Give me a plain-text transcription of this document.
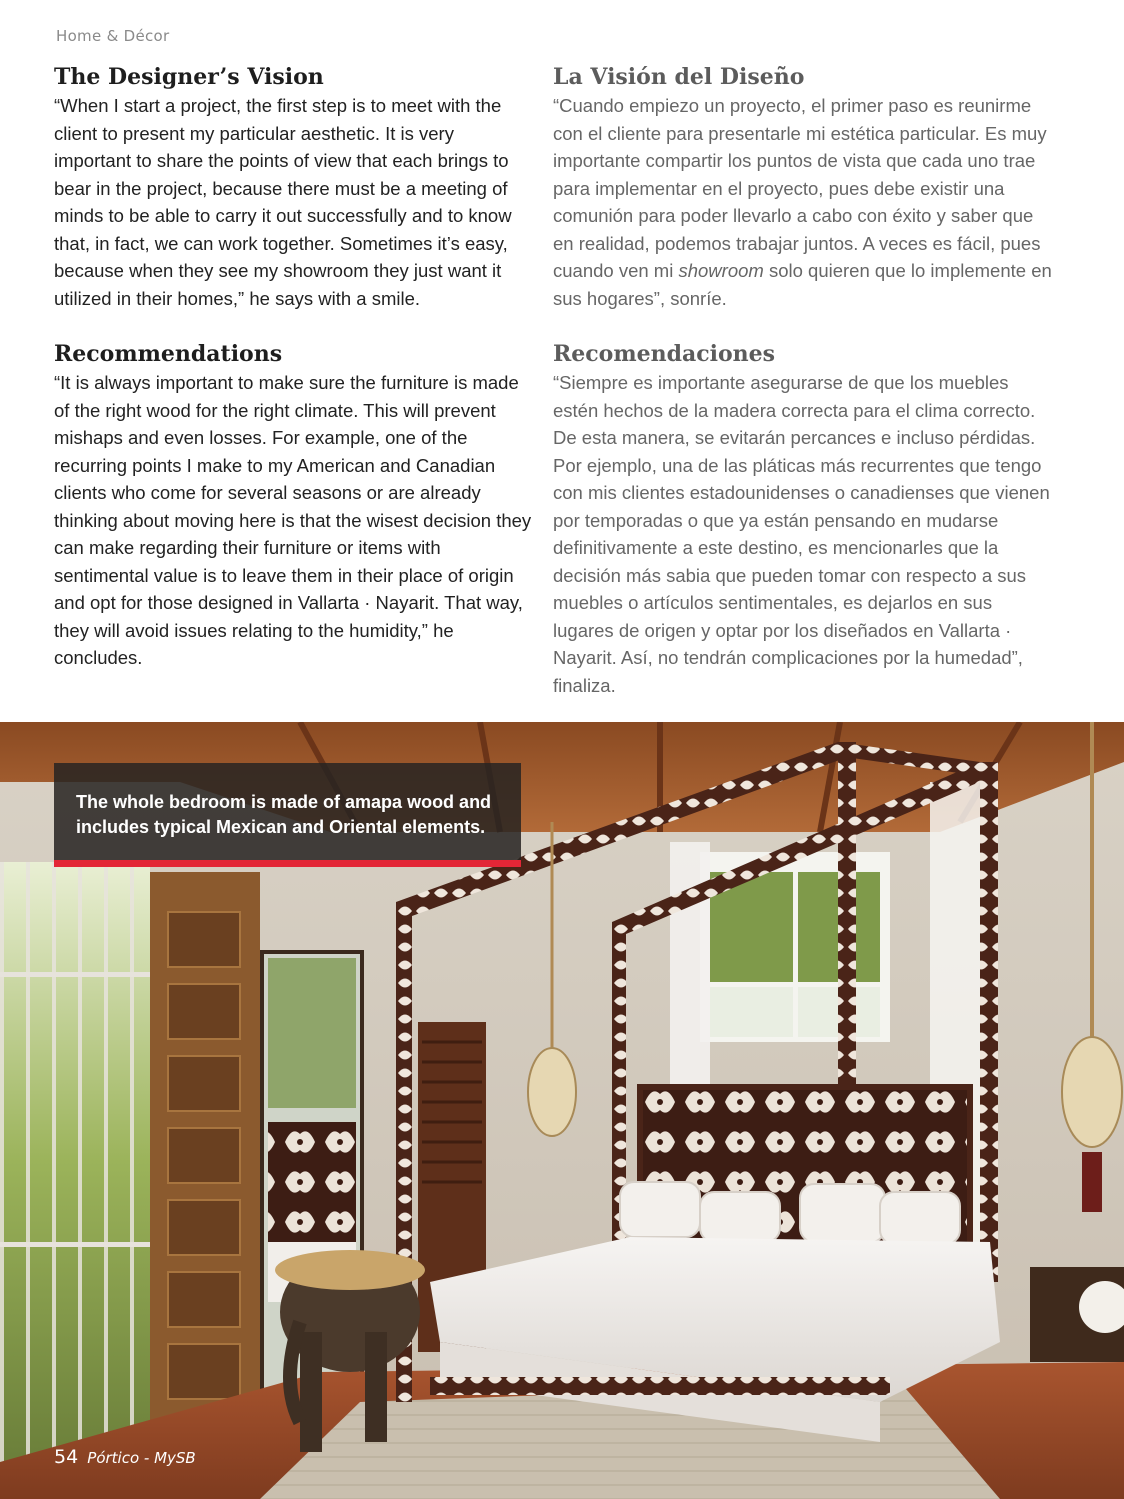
Home & Décor
The Designer’s Vision

“When I start a project, the first step is to meet with the client to present my particular aesthetic. It is very important to share the points of view that each brings to bear in the project, because there must be a meeting of minds to be able to carry it out successfully and to know that, in fact, we can work together. Sometimes it’s easy, because when they see my showroom they just want it utilized in their homes,” he says with a smile.

Recommendations

“It is always important to make sure the furniture is made of the right wood for the right climate. This will prevent mishaps and even losses. For example, one of the recurring points I make to my American and Canadian clients who come for several seasons or are already thinking about moving here is that the wisest decision they can make regarding their furniture or items with sentimental value is to leave them in their place of origin and opt for those designed in Vallarta · Nayarit. That way, they will avoid issues relating to the humidity,” he concludes.

La Visión del Diseño

“Cuando empiezo un proyecto, el primer paso es reunirme con el cliente para presentarle mi estética particular. Es muy importante compartir los puntos de vista que cada uno trae para implementar en el proyecto, pues debe existir una comunión para poder llevarlo a cabo con éxito y saber que en realidad, podemos trabajar juntos. A veces es fácil, pues cuando ven mi showroom solo quieren que lo implemente en sus hogares”, sonríe.

Recomendaciones

“Siempre es importante asegurarse de que los muebles estén hechos de la madera correcta para el clima correcto. De esta manera, se evitarán percances e incluso pérdidas. Por ejemplo, una de las pláticas más recurrentes que tengo con mis clientes estadounidenses o canadienses que vienen por temporadas o que ya están pensando en mudarse definitivamente a este destino, es mencionarles que la decisión más sabia que pueden tomar con respecto a sus muebles o artículos sentimentales, es dejarlos en sus lugares de origen y optar por los diseñados en Vallarta · Nayarit. Así, no tendrán complicaciones por la humedad”, finaliza.

The whole bedroom is made of amapa wood and includes typical Mexican and Oriental elements.
54 Pórtico - MySB
